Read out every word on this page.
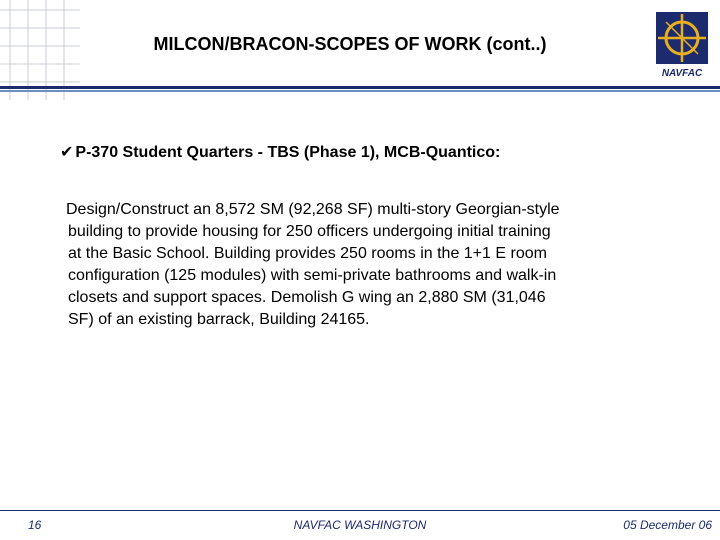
MILCON/BRACON-SCOPES OF WORK (cont..)
NAVFAC
✔︎ P-370 Student Quarters - TBS (Phase 1), MCB-Quantico:

Design/Construct an 8,572 SM (92,268 SF) multi-story Georgian-style

building to provide housing for 250 officers undergoing initial training

at the Basic School. Building provides 250 rooms in the 1+1 E room

configuration (125 modules) with semi-private bathrooms and walk-in

closets and support spaces. Demolish G wing an 2,880 SM (31,046

SF) of an existing barrack, Building 24165.

16	NAVFAC WASHINGTON	05 December 06
